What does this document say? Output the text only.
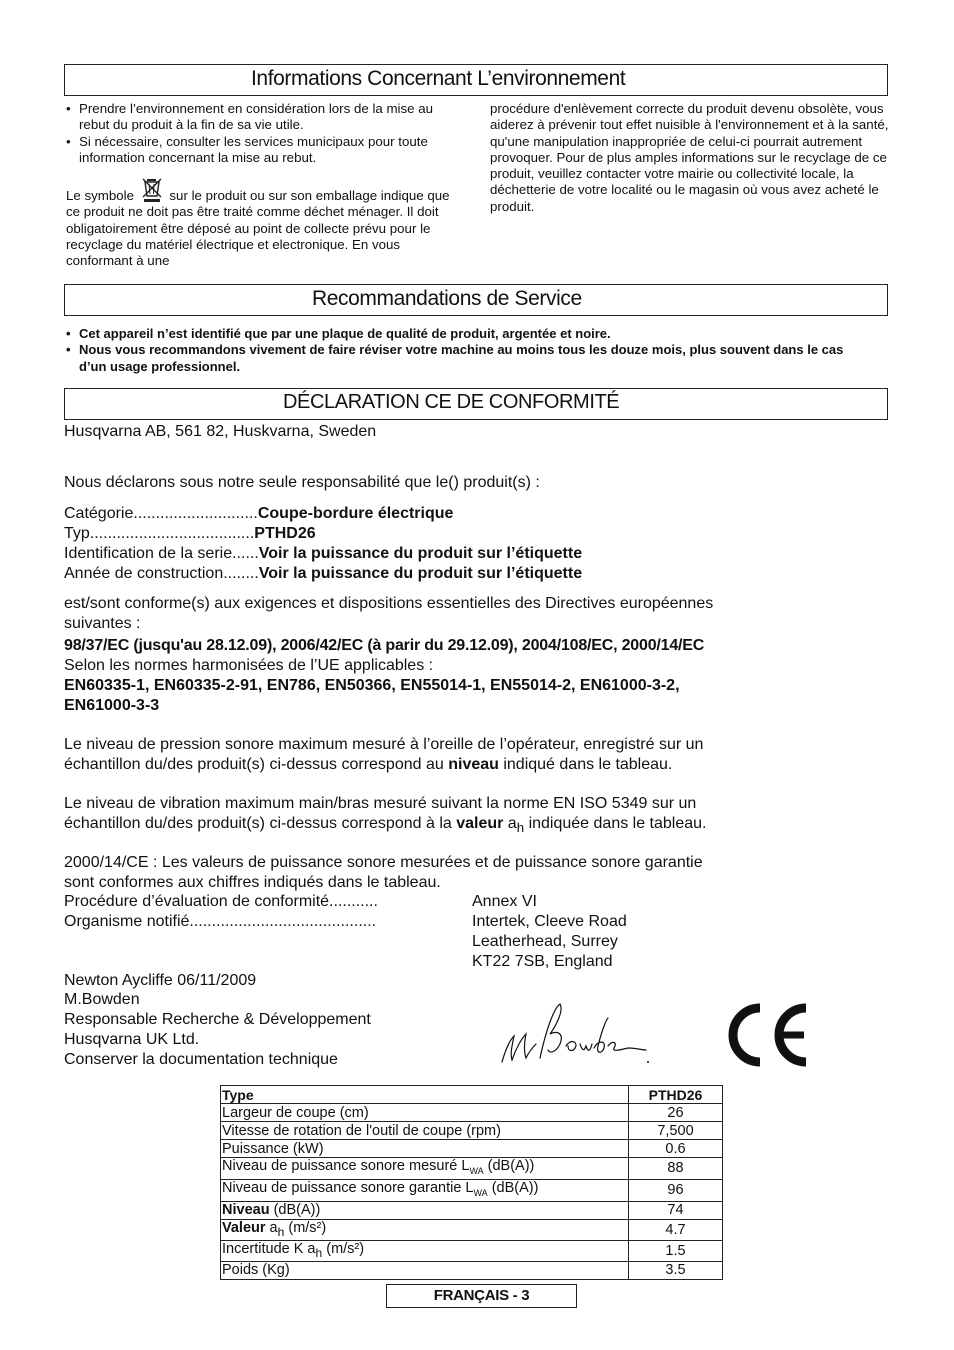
Informations Concernant L’environnement
• Prendre l’environnement en considération lors de la mise au rebut du produit à la fin de sa vie utile.
• Si nécessaire, consulter les services municipaux pour toute information concernant la mise au rebut.
Le symbole	sur le produit ou sur son emballage indique que ce produit ne doit pas être traité comme déchet ménager. Il doit obligatoirement être déposé au point de collecte prévu pour le recyclage du matériel électrique et electronique. En vous conformant à une
procédure d'enlèvement correcte du produit devenu obsolète, vous aiderez à prévenir tout effet nuisible à l'environnement et à la santé, qu'une manipulation inappropriée de celui-ci pourrait autrement provoquer. Pour de plus amples informations sur le recyclage de ce produit, veuillez contacter votre mairie ou collectivité locale, la déchetterie de votre localité ou le magasin où vous avez acheté le produit.
Recommandations de Service
• Cet appareil n’est identifié que par une plaque de qualité de produit, argentée et noire.
• Nous vous recommandons vivement de faire réviser votre machine au moins tous les douze mois, plus souvent dans le cas d’un usage professionnel.
DÉCLARATION CE DE CONFORMITÉ
Husqvarna AB, 561 82, Huskvarna, Sweden
Nous déclarons sous notre seule responsabilité que le() produit(s) :
Catégorie............................Coupe-bordure électrique
Typ.....................................PTHD26
Identification de la serie......Voir la puissance du produit sur l’étiquette
Année de construction........Voir la puissance du produit sur l’étiquette
est/sont conforme(s) aux exigences et dispositions essentielles des Directives européennes
suivantes :
98/37/EC (jusqu'au 28.12.09), 2006/42/EC (à parir du 29.12.09), 2004/108/EC, 2000/14/EC
Selon les normes harmonisées de l’UE applicables :
EN60335-1, EN60335-2-91, EN786, EN50366, EN55014-1, EN55014-2, EN61000-3-2,
EN61000-3-3
Le niveau de pression sonore maximum mesuré à l’oreille de l’opérateur, enregistré sur un
échantillon du/des produit(s) ci-dessus correspond au niveau indiqué dans le tableau.
Le niveau de vibration maximum main/bras mesuré suivant la norme EN ISO 5349 sur un
échantillon du/des produit(s) ci-dessus correspond à la valeur $a_h$ indiquée dans le tableau.
2000/14/CE : Les valeurs de puissance sonore mesurées et de puissance sonore garantie
sont conformes aux chiffres indiqués dans le tableau.
Procédure d’évaluation de conformité...........	Annex VI
Organisme notifié..........................................	Intertek, Cleeve Road
Leatherhead, Surrey
KT22 7SB, England
Newton Aycliffe 06/11/2009
M.Bowden
Responsable Recherche & Développement
Husqvarna UK Ltd.
Conserver la documentation technique
Type	PTHD26
Largeur de coupe (cm)	26
Vitesse de rotation de l'outil de coupe (rpm)	7,500
Puissance (kW)	0.6
Niveau de puissance sonore mesuré $L_{WA}$ (dB(A))	88
Niveau de puissance sonore garantie $L_{WA}$ (dB(A))	96
Niveau (dB(A))	74
Valeur $a_h$ (m/s²)	4.7
Incertitude K $a_h$ (m/s²)	1.5
Poids (Kg)	3.5
FRANÇAIS - 3
